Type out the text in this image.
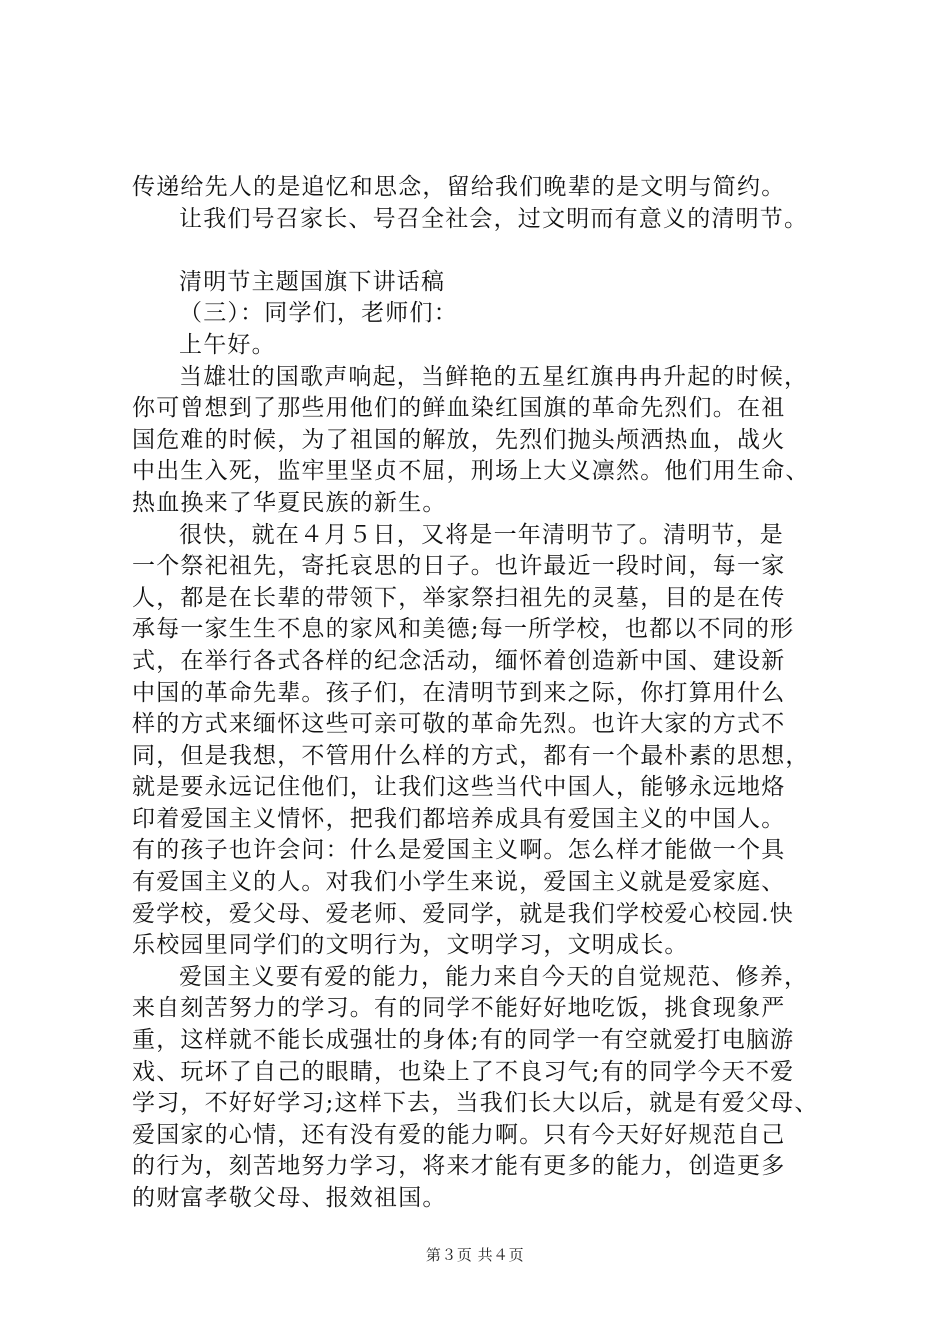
传递给先人的是追忆和思念，留给我们晚辈的是文明与简约。
让我们号召家长、号召全社会，过文明而有意义的清明节。
清明节主题国旗下讲话稿
（三）：同学们，老师们：
上午好。
当雄壮的国歌声响起，当鲜艳的五星红旗冉冉升起的时候，
你可曾想到了那些用他们的鲜血染红国旗的革命先烈们。在祖
国危难的时候，为了祖国的解放，先烈们抛头颅洒热血，战火
中出生入死，监牢里坚贞不屈，刑场上大义凛然。他们用生命、
热血换来了华夏民族的新生。
很快，就在４月５日，又将是一年清明节了。清明节，是
一个祭祀祖先，寄托哀思的日子。也许最近一段时间，每一家
人，都是在长辈的带领下，举家祭扫祖先的灵墓，目的是在传
承每一家生生不息的家风和美德;每一所学校，也都以不同的形
式，在举行各式各样的纪念活动，缅怀着创造新中国、建设新
中国的革命先辈。孩子们，在清明节到来之际，你打算用什么
样的方式来缅怀这些可亲可敬的革命先烈。也许大家的方式不
同，但是我想，不管用什么样的方式，都有一个最朴素的思想，
就是要永远记住他们，让我们这些当代中国人，能够永远地烙
印着爱国主义情怀，把我们都培养成具有爱国主义的中国人。
有的孩子也许会问：什么是爱国主义啊。怎么样才能做一个具
有爱国主义的人。对我们小学生来说，爱国主义就是爱家庭、
爱学校，爱父母、爱老师、爱同学，就是我们学校爱心校园.快
乐校园里同学们的文明行为，文明学习，文明成长。
爱国主义要有爱的能力，能力来自今天的自觉规范、修养，
来自刻苦努力的学习。有的同学不能好好地吃饭，挑食现象严
重，这样就不能长成强壮的身体;有的同学一有空就爱打电脑游
戏、玩坏了自己的眼睛，也染上了不良习气;有的同学今天不爱
学习，不好好学习;这样下去，当我们长大以后，就是有爱父母、
爱国家的心情，还有没有爱的能力啊。只有今天好好规范自己
的行为，刻苦地努力学习，将来才能有更多的能力，创造更多
的财富孝敬父母、报效祖国。
第３页 共４页
